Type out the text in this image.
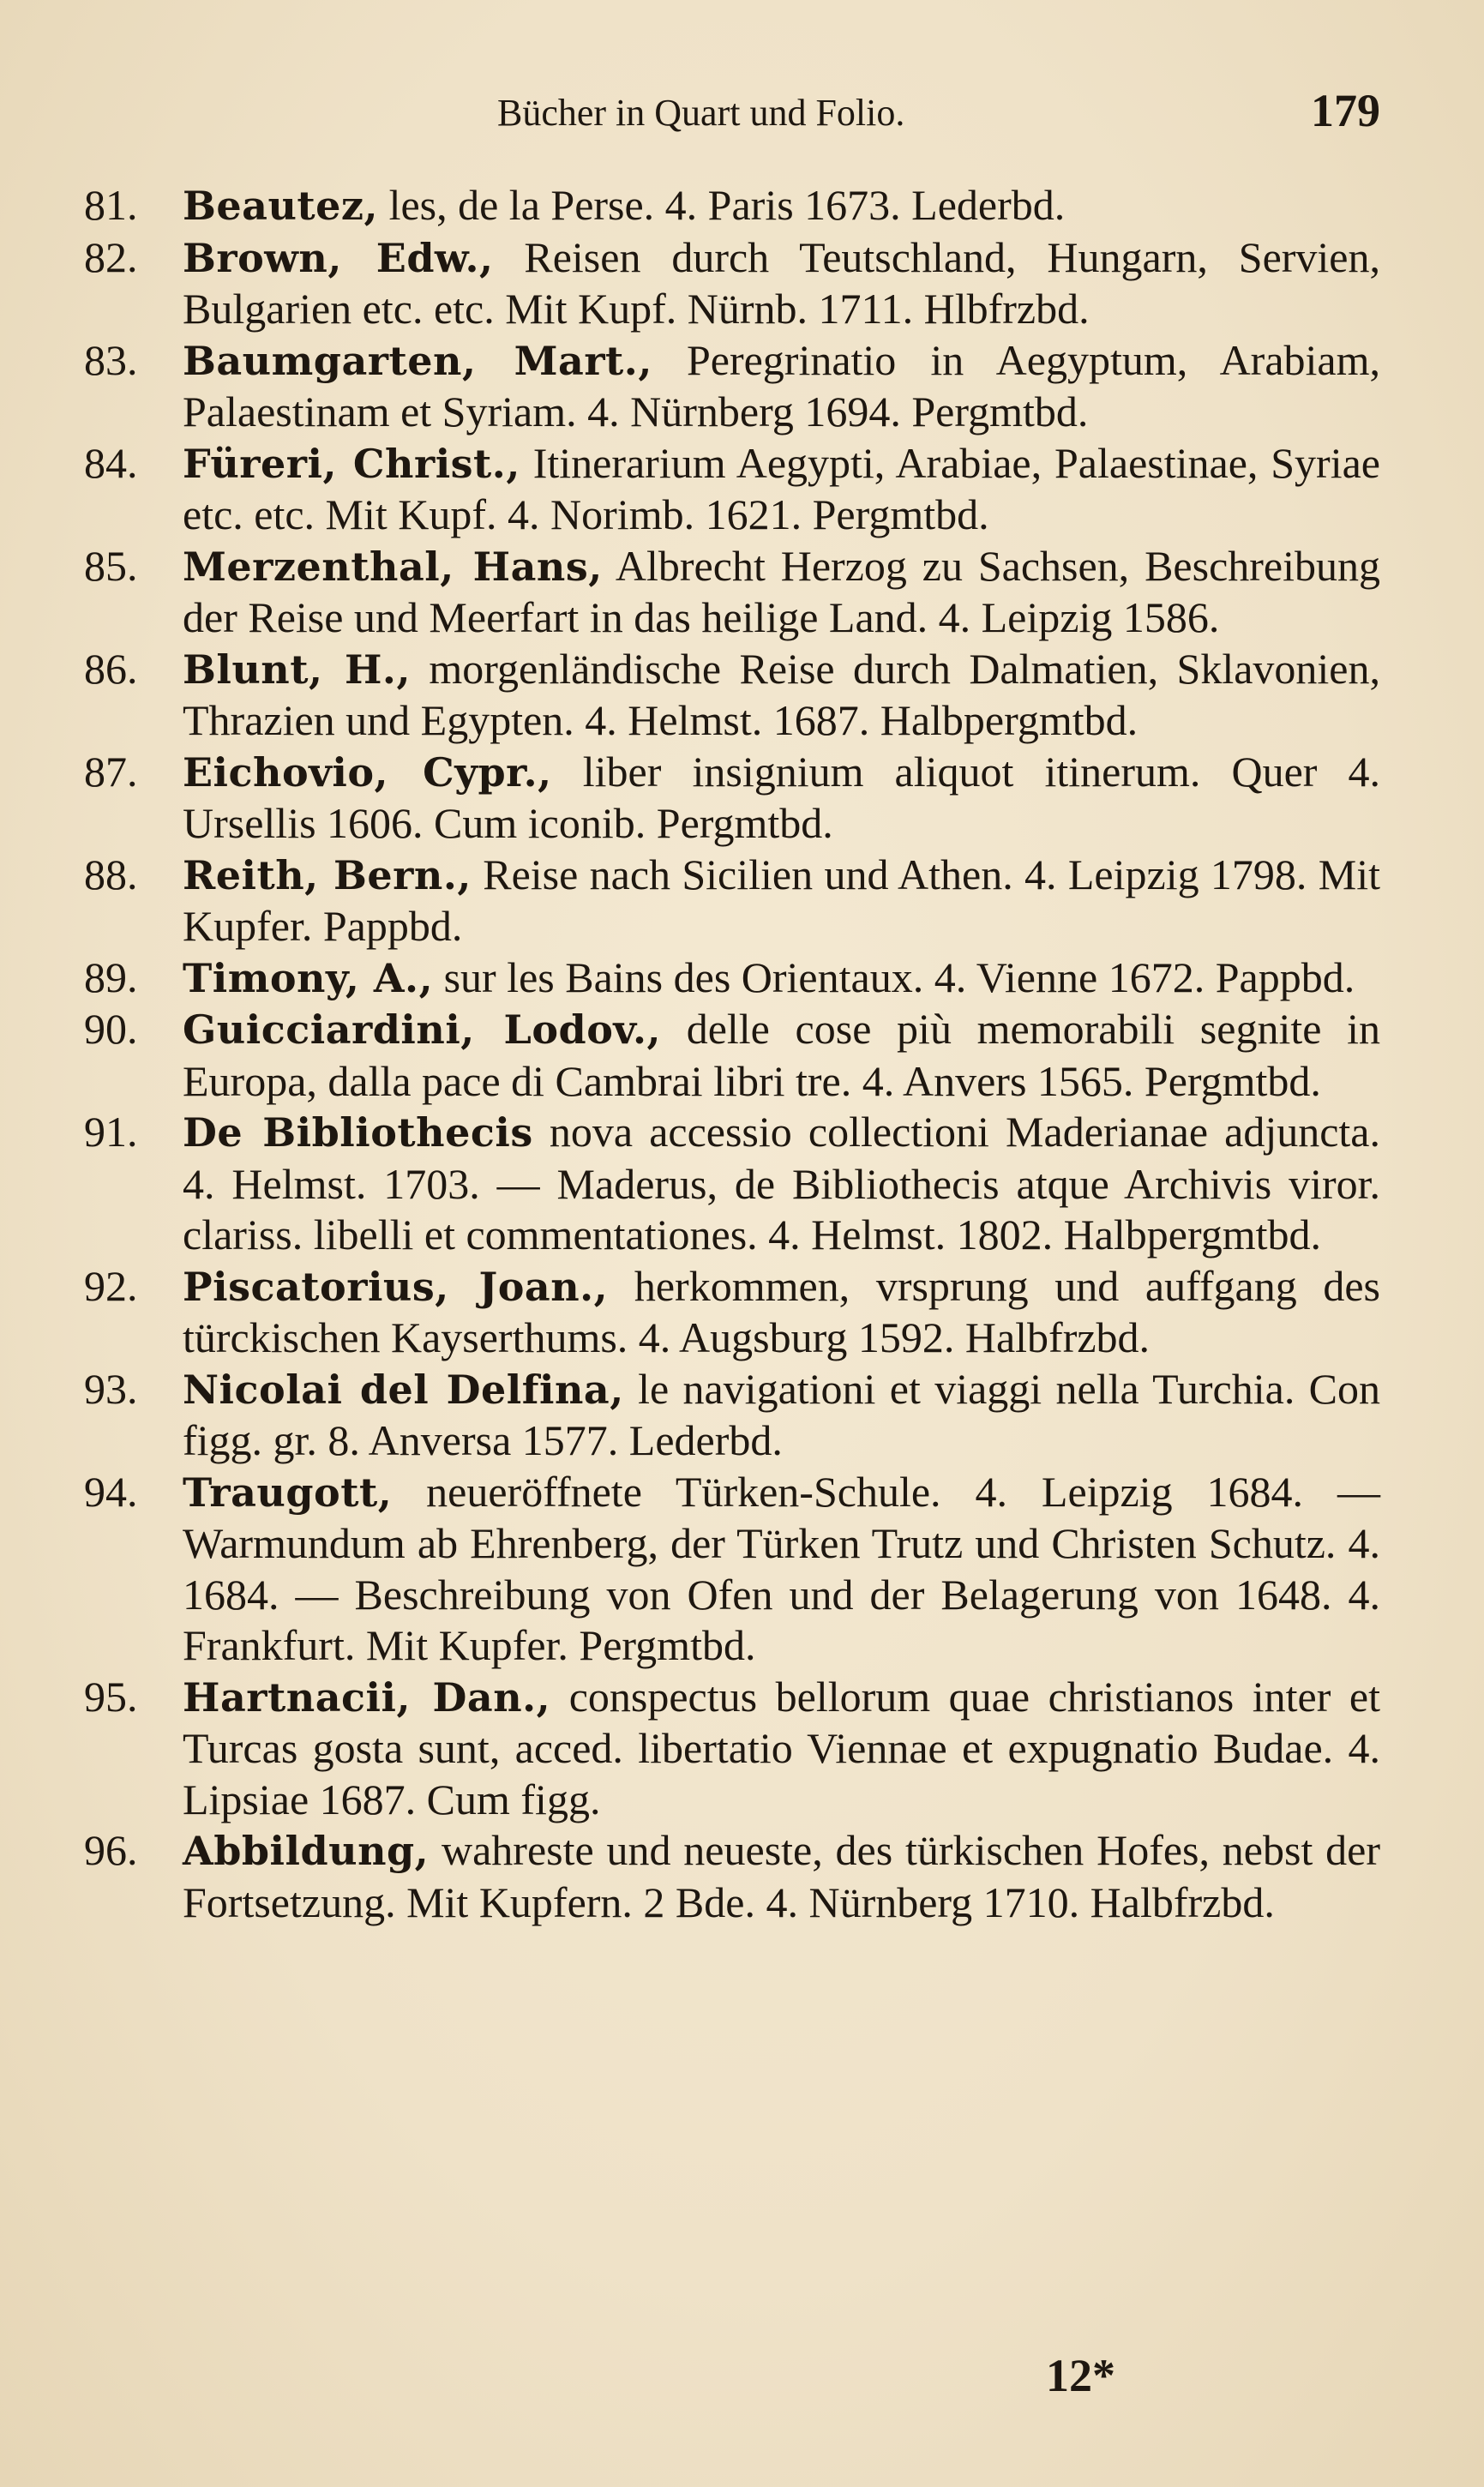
Bücher in Quart und Folio.	179
81.	Beautez, les, de la Perse. 4. Paris 1673. Lederbd.
82.	Brown, Edw., Reisen durch Teutschland, Hungarn, Servien, Bulgarien etc. etc. Mit Kupf. Nürnb. 1711. Hlbfrzbd.
83.	Baumgarten, Mart., Peregrinatio in Aegyptum, Arabiam, Palaestinam et Syriam. 4. Nürnberg 1694. Pergmtbd.
84.	Füreri, Christ., Itinerarium Aegypti, Arabiae, Palaestinae, Syriae etc. etc. Mit Kupf. 4. Norimb. 1621. Pergmtbd.
85.	Merzenthal, Hans, Albrecht Herzog zu Sachsen, Beschreibung der Reise und Meerfart in das heilige Land. 4. Leipzig 1586.
86.	Blunt, H., morgenländische Reise durch Dalmatien, Sklavonien, Thrazien und Egypten. 4. Helmst. 1687. Halbpergmtbd.
87.	Eichovio, Cypr., liber insignium aliquot itinerum. Quer 4. Ursellis 1606. Cum iconib. Pergmtbd.
88.	Reith, Bern., Reise nach Sicilien und Athen. 4. Leipzig 1798. Mit Kupfer. Pappbd.
89.	Timony, A., sur les Bains des Orientaux. 4. Vienne 1672. Pappbd.
90.	Guicciardini, Lodov., delle cose più memorabili segnite in Europa, dalla pace di Cambrai libri tre. 4. Anvers 1565. Pergmtbd.
91.	De Bibliothecis nova accessio collectioni Maderianae adjuncta. 4. Helmst. 1703. — Maderus, de Bibliothecis atque Archivis viror. clariss. libelli et commentationes. 4. Helmst. 1802. Halbpergmtbd.
92.	Piscatorius, Joan., herkommen, vrsprung und auffgang des türckischen Kayserthums. 4. Augsburg 1592. Halbfrzbd.
93.	Nicolai del Delfina, le navigationi et viaggi nella Turchia. Con figg. gr. 8. Anversa 1577. Lederbd.
94.	Traugott, neueröffnete Türken-Schule. 4. Leipzig 1684. — Warmundum ab Ehrenberg, der Türken Trutz und Christen Schutz. 4. 1684. — Beschreibung von Ofen und der Belagerung von 1648. 4. Frankfurt. Mit Kupfer. Pergmtbd.
95.	Hartnacii, Dan., conspectus bellorum quae christianos inter et Turcas gosta sunt, acced. libertatio Viennae et expugnatio Budae. 4. Lipsiae 1687. Cum figg.
96.	Abbildung, wahreste und neueste, des türkischen Hofes, nebst der Fortsetzung. Mit Kupfern. 2 Bde. 4. Nürnberg 1710. Halbfrzbd.
12*
